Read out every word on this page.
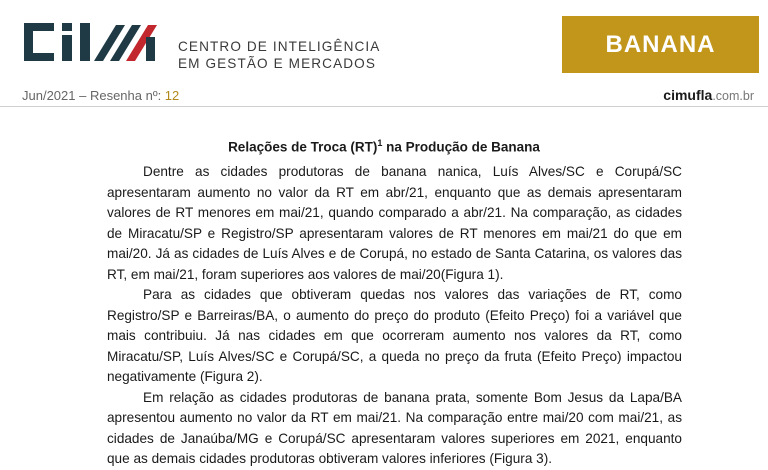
CENTRO DE INTELIGÊNCIA
EM GESTÃO E MERCADOS
BANANA
Jun/2021 – Resenha nº: 12	cimufla.com.br
Relações de Troca (RT)$^1$ na Produção de Banana

Dentre as cidades produtoras de banana nanica, Luís Alves/SC e Corupá/SC apresentaram aumento no valor da RT em abr/21, enquanto que as demais apresentaram valores de RT menores em mai/21, quando comparado a abr/21. Na comparação, as cidades de Miracatu/SP e Registro/SP apresentaram valores de RT menores em mai/21 do que em mai/20. Já as cidades de Luís Alves e de Corupá, no estado de Santa Catarina, os valores das RT, em mai/21, foram superiores aos valores de mai/20(Figura 1).

Para as cidades que obtiveram quedas nos valores das variações de RT, como Registro/SP e Barreiras/BA, o aumento do preço do produto (Efeito Preço) foi a variável que mais contribuiu. Já nas cidades em que ocorreram aumento nos valores da RT, como Miracatu/SP, Luís Alves/SC e Corupá/SC, a queda no preço da fruta (Efeito Preço) impactou negativamente (Figura 2).

Em relação as cidades produtoras de banana prata, somente Bom Jesus da Lapa/BA apresentou aumento no valor da RT em mai/21. Na comparação entre mai/20 com mai/21, as cidades de Janaúba/MG e Corupá/SC apresentaram valores superiores em 2021, enquanto que as demais cidades produtoras obtiveram valores inferiores (Figura 3).
